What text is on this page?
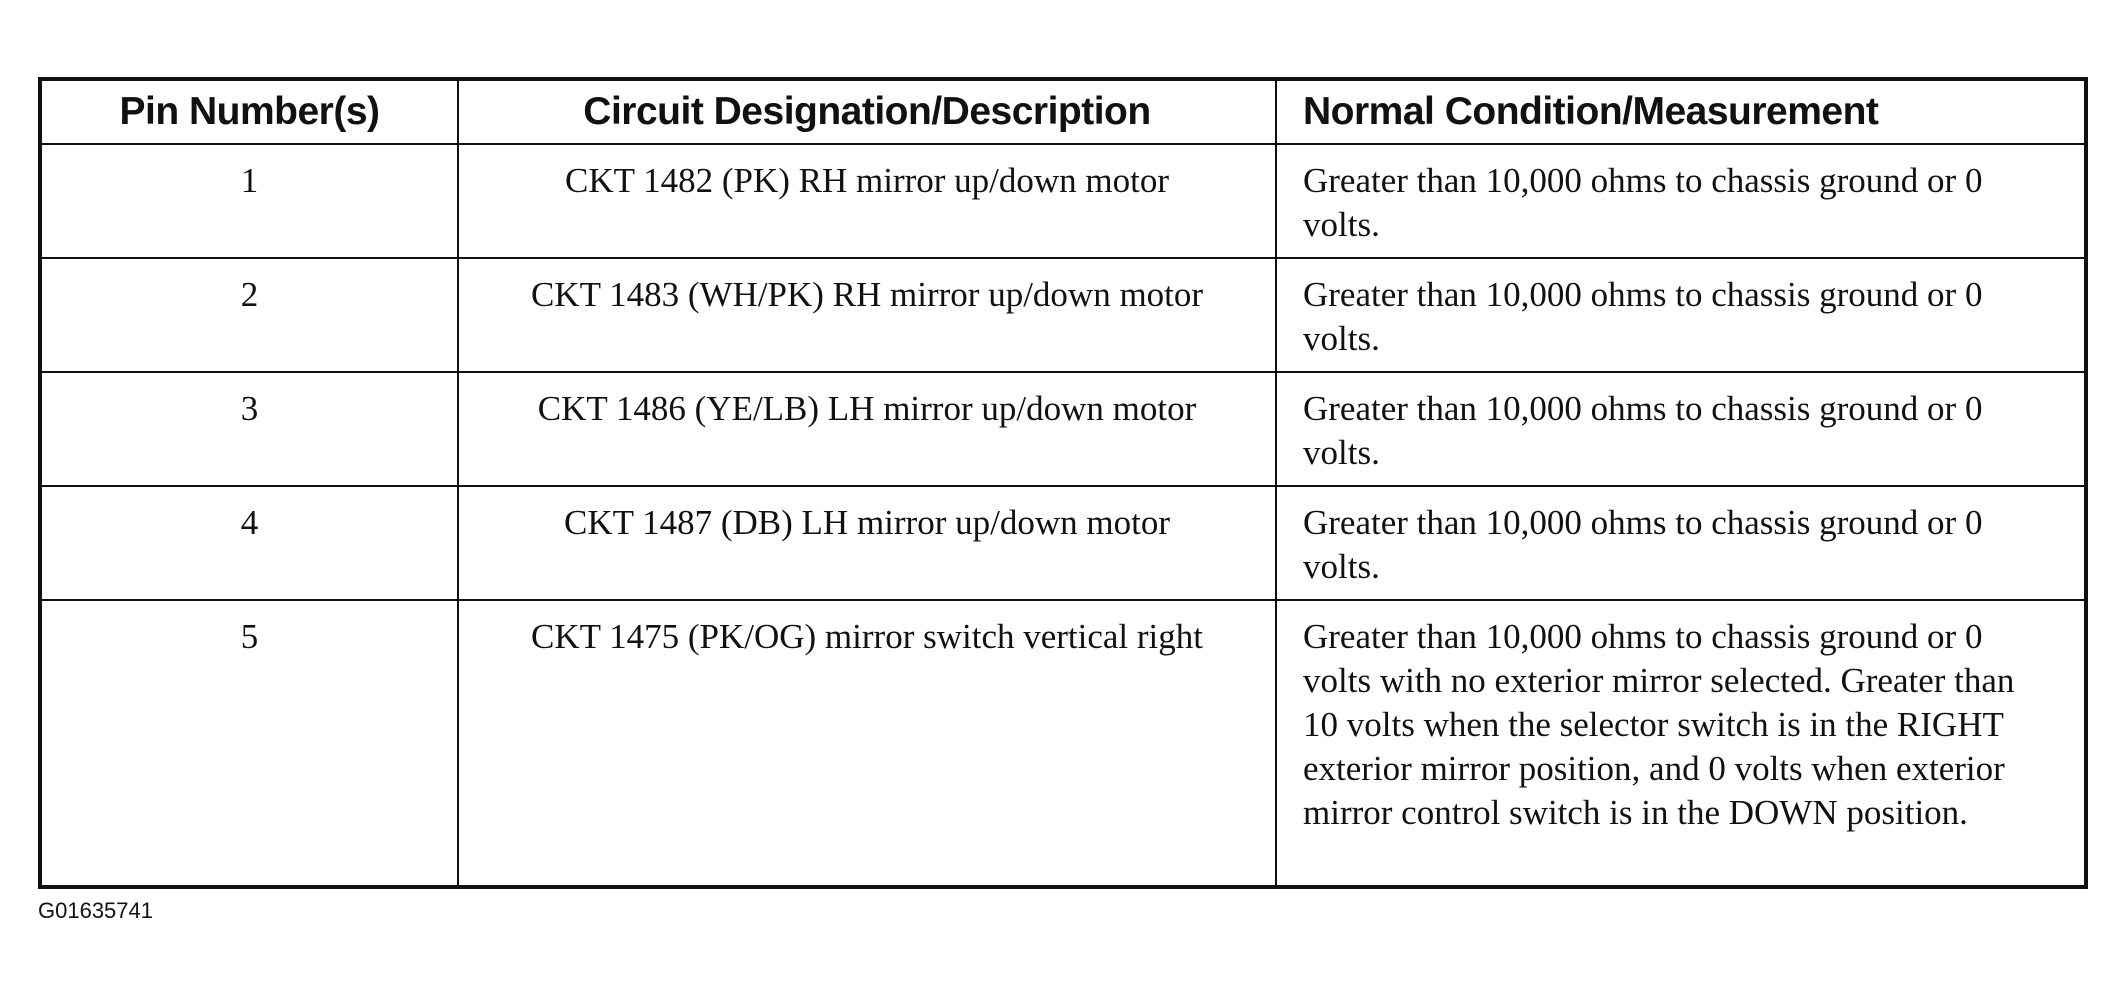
Pin Number(s)	Circuit Designation/Description	Normal Condition/Measurement
1	CKT 1482 (PK) RH mirror up/down motor	Greater than 10,000 ohms to chassis ground or 0 volts.
2	CKT 1483 (WH/PK) RH mirror up/down motor	Greater than 10,000 ohms to chassis ground or 0 volts.
3	CKT 1486 (YE/LB) LH mirror up/down motor	Greater than 10,000 ohms to chassis ground or 0 volts.
4	CKT 1487 (DB) LH mirror up/down motor	Greater than 10,000 ohms to chassis ground or 0 volts.
5	CKT 1475 (PK/OG) mirror switch vertical right	Greater than 10,000 ohms to chassis ground or 0 volts with no exterior mirror selected. Greater than 10 volts when the selector switch is in the RIGHT exterior mirror position, and 0 volts when exterior mirror control switch is in the DOWN position.
G01635741
